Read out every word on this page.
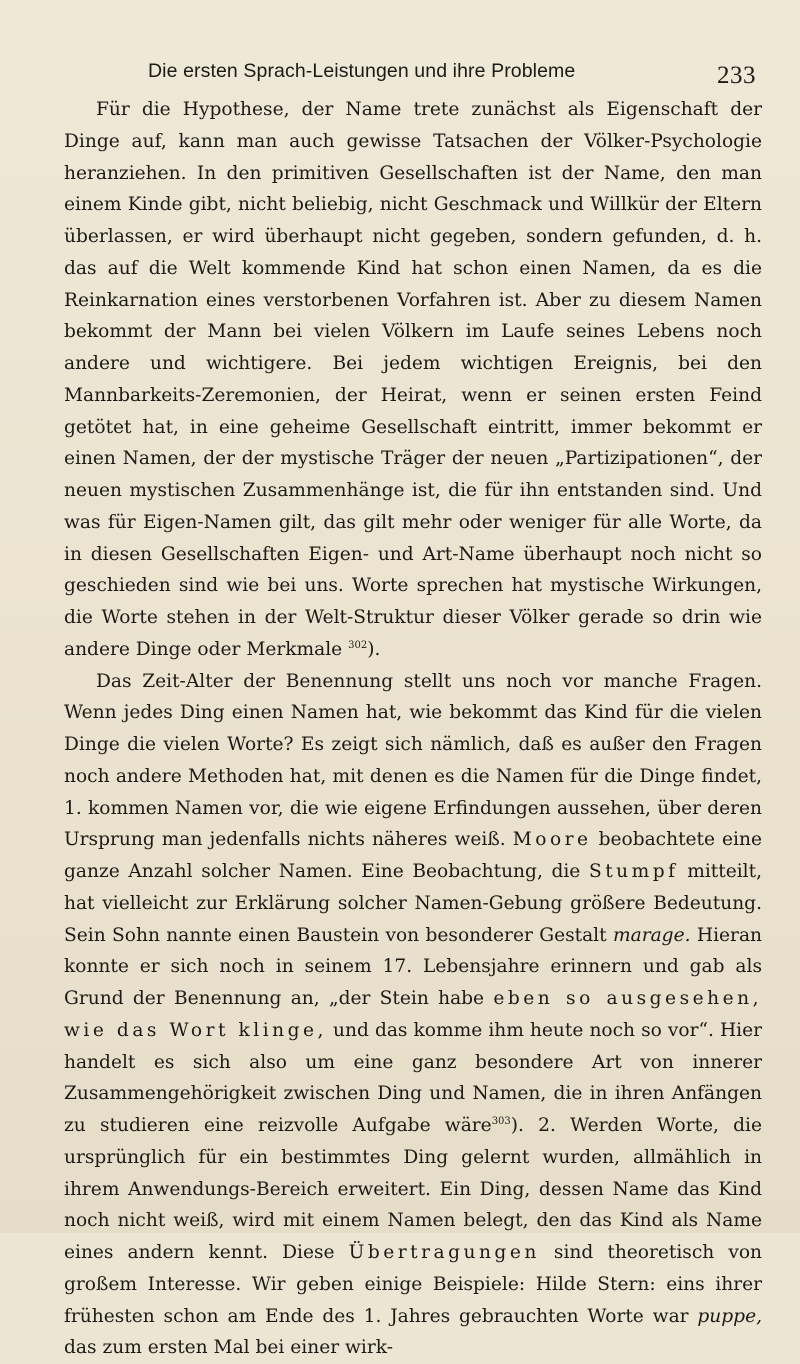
Die ersten Sprach-Leistungen und ihre Probleme	233

Für die Hypothese, der Name trete zunächst als Eigenschaft der Dinge auf, kann man auch gewisse Tatsachen der Völker-Psychologie heranziehen. In den primitiven Gesellschaften ist der Name, den man einem Kinde gibt, nicht beliebig, nicht Geschmack und Willkür der Eltern überlassen, er wird überhaupt nicht gegeben, sondern gefunden, d. h. das auf die Welt kommende Kind hat schon einen Namen, da es die Reinkarnation eines verstorbenen Vorfahren ist. Aber zu diesem Namen bekommt der Mann bei vielen Völkern im Laufe seines Lebens noch andere und wichtigere. Bei jedem wichtigen Ereignis, bei den Mannbarkeits-Zeremonien, der Heirat, wenn er seinen ersten Feind getötet hat, in eine geheime Gesellschaft eintritt, immer bekommt er einen Namen, der der mystische Träger der neuen „Partizipationen“, der neuen mystischen Zusammenhänge ist, die für ihn entstanden sind. Und was für Eigen-Namen gilt, das gilt mehr oder weniger für alle Worte, da in diesen Gesellschaften Eigen- und Art-Name überhaupt noch nicht so geschieden sind wie bei uns. Worte sprechen hat mystische Wirkungen, die Worte stehen in der Welt-Struktur dieser Völker gerade so drin wie andere Dinge oder Merkmale $^{302}$).

Das Zeit-Alter der Benennung stellt uns noch vor manche Fragen. Wenn jedes Ding einen Namen hat, wie bekommt das Kind für die vielen Dinge die vielen Worte? Es zeigt sich nämlich, daß es außer den Fragen noch andere Methoden hat, mit denen es die Namen für die Dinge findet, 1. kommen Namen vor, die wie eigene Erfindungen aussehen, über deren Ursprung man jedenfalls nichts näheres weiß. Moore beobachtete eine ganze Anzahl solcher Namen. Eine Beobachtung, die Stumpf mitteilt, hat vielleicht zur Erklärung solcher Namen-Gebung größere Bedeutung. Sein Sohn nannte einen Baustein von besonderer Gestalt marage. Hieran konnte er sich noch in seinem 17. Lebensjahre erinnern und gab als Grund der Benennung an, „der Stein habe eben so ausgesehen, wie das Wort klinge, und das komme ihm heute noch so vor“. Hier handelt es sich also um eine ganz besondere Art von innerer Zusammengehörigkeit zwischen Ding und Namen, die in ihren Anfängen zu studieren eine reizvolle Aufgabe wäre$^{303}$). 2. Werden Worte, die ursprünglich für ein bestimmtes Ding gelernt wurden, allmählich in ihrem Anwendungs-Bereich erweitert. Ein Ding, dessen Name das Kind noch nicht weiß, wird mit einem Namen belegt, den das Kind als Name eines andern kennt. Diese Übertragungen sind theoretisch von großem Interesse. Wir geben einige Beispiele: Hilde Stern: eins ihrer frühesten schon am Ende des 1. Jahres gebrauchten Worte war puppe, das zum ersten Mal bei einer wirk-
